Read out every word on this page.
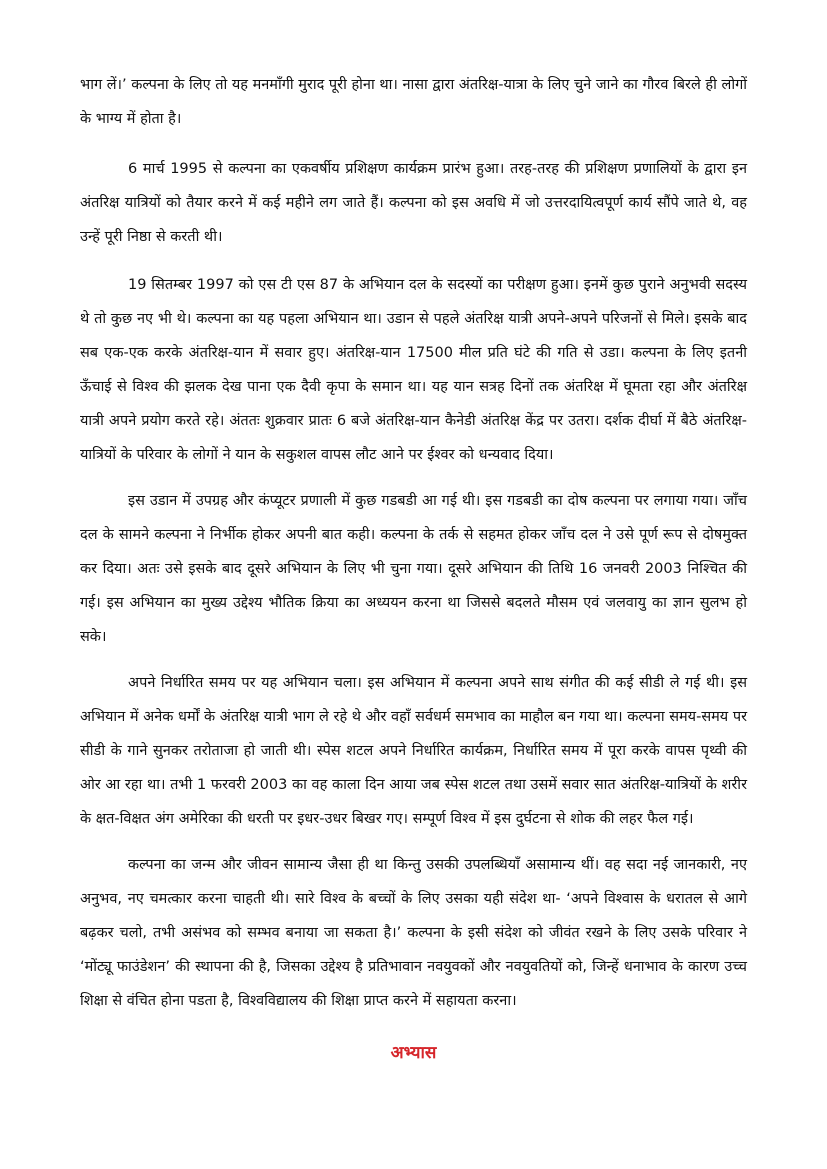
भाग लें।’ कल्पना के लिए तो यह मनमाँगी मुराद पूरी होना था। नासा द्वारा अंतरिक्ष-यात्रा के लिए चुने जाने का गौरव बिरले ही लोगों के भाग्य में होता है।

6 मार्च 1995 से कल्पना का एकवर्षीय प्रशिक्षण कार्यक्रम प्रारंभ हुआ। तरह-तरह की प्रशिक्षण प्रणालियों के द्वारा इन अंतरिक्ष यात्रियों को तैयार करने में कई महीने लग जाते हैं। कल्पना को इस अवधि में जो उत्तरदायित्वपूर्ण कार्य सौंपे जाते थे, वह उन्हें पूरी निष्ठा से करती थी।

19 सितम्बर 1997 को एस टी एस 87 के अभियान दल के सदस्यों का परीक्षण हुआ। इनमें कुछ पुराने अनुभवी सदस्य थे तो कुछ नए भी थे। कल्पना का यह पहला अभियान था। उडान से पहले अंतरिक्ष यात्री अपने-अपने परिजनों से मिले। इसके बाद सब एक-एक करके अंतरिक्ष-यान में सवार हुए। अंतरिक्ष-यान 17500 मील प्रति घंटे की गति से उडा। कल्पना के लिए इतनी ऊँचाई से विश्व की झलक देख पाना एक दैवी कृपा के समान था। यह यान सत्रह दिनों तक अंतरिक्ष में घूमता रहा और अंतरिक्ष यात्री अपने प्रयोग करते रहे। अंततः शुक्रवार प्रातः 6 बजे अंतरिक्ष-यान कैनेडी अंतरिक्ष केंद्र पर उतरा। दर्शक दीर्घा में बैठे अंतरिक्ष-यात्रियों के परिवार के लोगों ने यान के सकुशल वापस लौट आने पर ईश्वर को धन्यवाद दिया।

इस उडान में उपग्रह और कंप्यूटर प्रणाली में कुछ गडबडी आ गई थी। इस गडबडी का दोष कल्पना पर लगाया गया। जाँच दल के सामने कल्पना ने निर्भीक होकर अपनी बात कही। कल्पना के तर्क से सहमत होकर जाँच दल ने उसे पूर्ण रूप से दोषमुक्त कर दिया। अतः उसे इसके बाद दूसरे अभियान के लिए भी चुना गया। दूसरे अभियान की तिथि 16 जनवरी 2003 निश्चित की गई। इस अभियान का मुख्य उद्देश्य भौतिक क्रिया का अध्ययन करना था जिससे बदलते मौसम एवं जलवायु का ज्ञान सुलभ हो सके।

अपने निर्धारित समय पर यह अभियान चला। इस अभियान में कल्पना अपने साथ संगीत की कई सीडी ले गई थी। इस अभियान में अनेक धर्मों के अंतरिक्ष यात्री भाग ले रहे थे और वहाँ सर्वधर्म समभाव का माहौल बन गया था। कल्पना समय-समय पर सीडी के गाने सुनकर तरोताजा हो जाती थी। स्पेस शटल अपने निर्धारित कार्यक्रम, निर्धारित समय में पूरा करके वापस पृथ्वी की ओर आ रहा था। तभी 1 फरवरी 2003 का वह काला दिन आया जब स्पेस शटल तथा उसमें सवार सात अंतरिक्ष-यात्रियों के शरीर के क्षत-विक्षत अंग अमेरिका की धरती पर इधर-उधर बिखर गए। सम्पूर्ण विश्व में इस दुर्घटना से शोक की लहर फैल गई।

कल्पना का जन्म और जीवन सामान्य जैसा ही था किन्तु उसकी उपलब्धियाँ असामान्य थीं। वह सदा नई जानकारी, नए अनुभव, नए चमत्कार करना चाहती थी। सारे विश्व के बच्चों के लिए उसका यही संदेश था- ‘अपने विश्वास के धरातल से आगे बढ़कर चलो, तभी असंभव को सम्भव बनाया जा सकता है।’ कल्पना के इसी संदेश को जीवंत रखने के लिए उसके परिवार ने ‘मोंट्यू फाउंडेशन’ की स्थापना की है, जिसका उद्देश्य है प्रतिभावान नवयुवकों और नवयुवतियों को, जिन्हें धनाभाव के कारण उच्च शिक्षा से वंचित होना पडता है, विश्वविद्यालय की शिक्षा प्राप्त करने में सहायता करना।

अभ्यास
